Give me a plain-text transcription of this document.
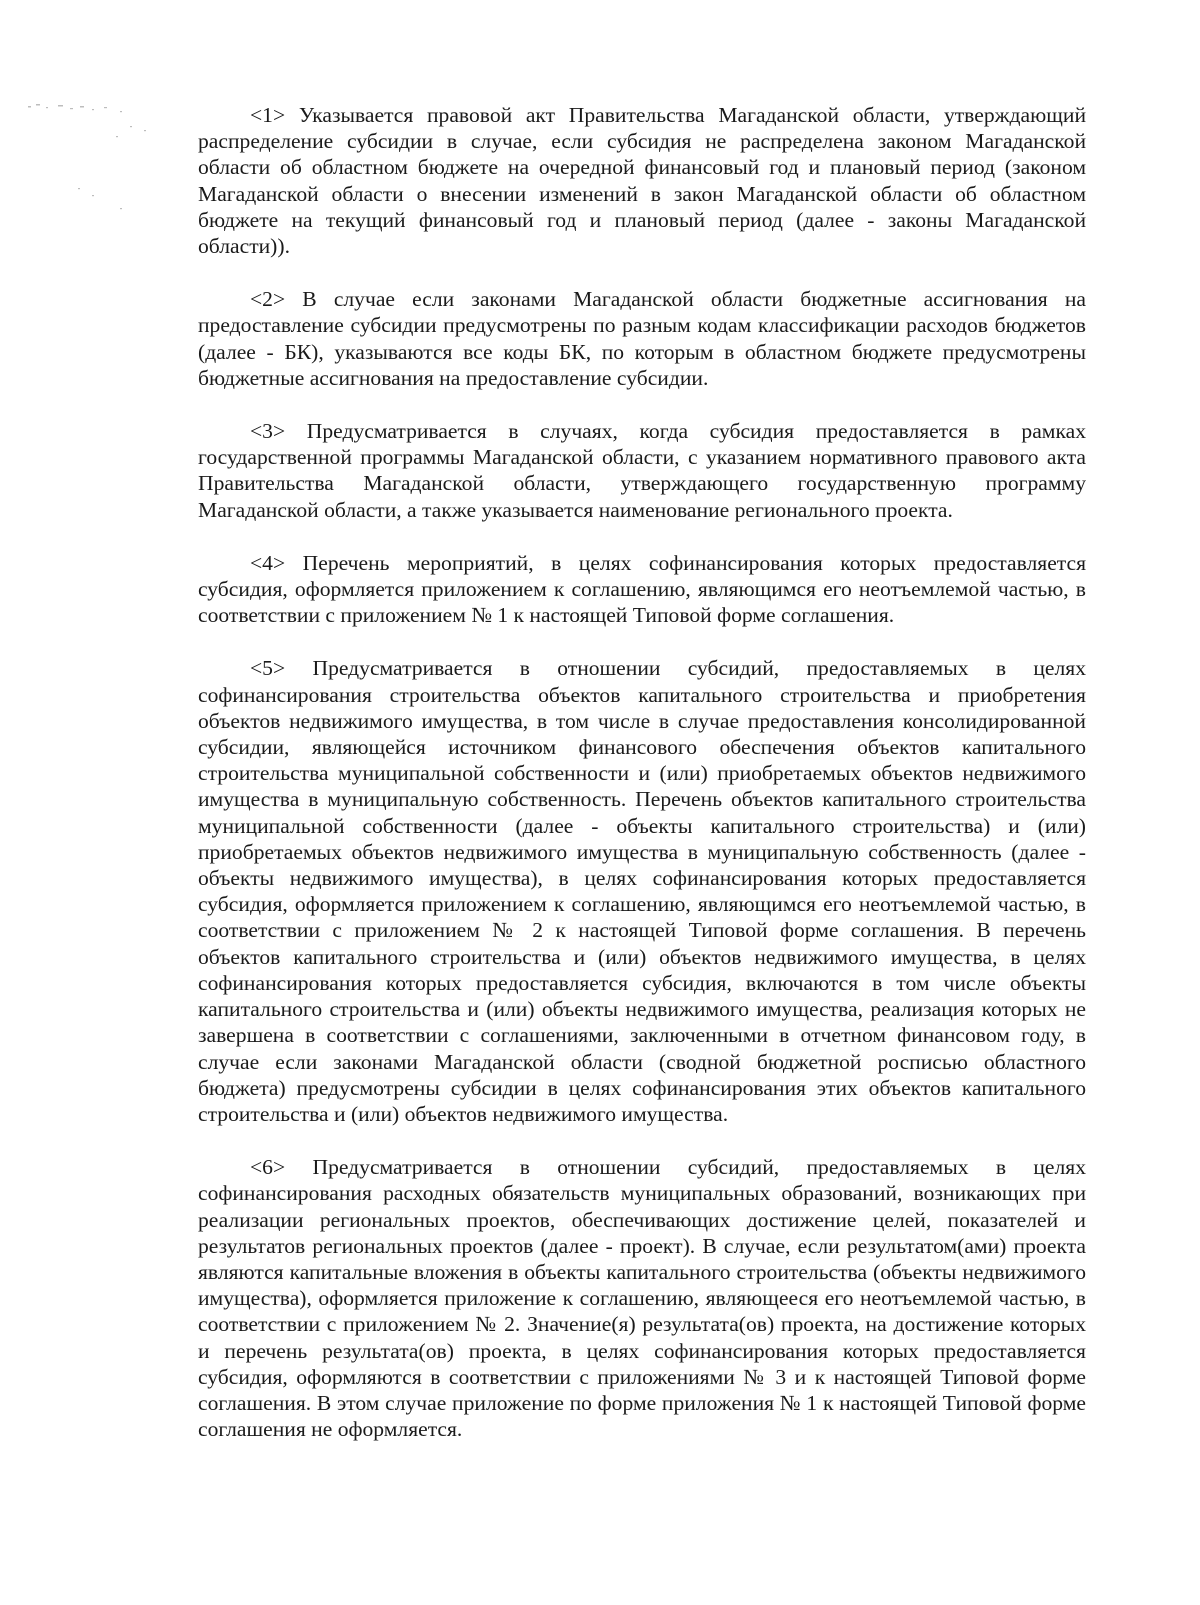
<1> Указывается правовой акт Правительства Магаданской области, утверждающий распределение субсидии в случае, если субсидия не распределена законом Магаданской области об областном бюджете на очередной финансовый год и плановый период (законом Магаданской области о внесении изменений в закон Магаданской области об областном бюджете на текущий финансовый год и плановый период (далее - законы Магаданской области)).

<2> В случае если законами Магаданской области бюджетные ассигнования на предоставление субсидии предусмотрены по разным кодам классификации расходов бюджетов (далее - БК), указываются все коды БК, по которым в областном бюджете предусмотрены бюджетные ассигнования на предоставление субсидии.

<3> Предусматривается в случаях, когда субсидия предоставляется в рамках государственной программы Магаданской области, с указанием нормативного правового акта Правительства Магаданской области, утверждающего государственную программу Магаданской области, а также указывается наименование регионального проекта.

<4> Перечень мероприятий, в целях софинансирования которых предоставляется субсидия, оформляется приложением к соглашению, являющимся его неотъемлемой частью, в соответствии с приложением № 1 к настоящей Типовой форме соглашения.

<5> Предусматривается в отношении субсидий, предоставляемых в целях софинансирования строительства объектов капитального строительства и приобретения объектов недвижимого имущества, в том числе в случае предоставления консолидированной субсидии, являющейся источником финансового обеспечения объектов капитального строительства муниципальной собственности и (или) приобретаемых объектов недвижимого имущества в муниципальную собственность. Перечень объектов капитального строительства муниципальной собственности (далее - объекты капитального строительства) и (или) приобретаемых объектов недвижимого имущества в муниципальную собственность (далее - объекты недвижимого имущества), в целях софинансирования которых предоставляется субсидия, оформляется приложением к соглашению, являющимся его неотъемлемой частью, в соответствии с приложением № 2 к настоящей Типовой форме соглашения. В перечень объектов капитального строительства и (или) объектов недвижимого имущества, в целях софинансирования которых предоставляется субсидия, включаются в том числе объекты капитального строительства и (или) объекты недвижимого имущества, реализация которых не завершена в соответствии с соглашениями, заключенными в отчетном финансовом году, в случае если законами Магаданской области (сводной бюджетной росписью областного бюджета) предусмотрены субсидии в целях софинансирования этих объектов капитального строительства и (или) объектов недвижимого имущества.

<6> Предусматривается в отношении субсидий, предоставляемых в целях софинансирования расходных обязательств муниципальных образований, возникающих при реализации региональных проектов, обеспечивающих достижение целей, показателей и результатов региональных проектов (далее - проект). В случае, если результатом(ами) проекта являются капитальные вложения в объекты капитального строительства (объекты недвижимого имущества), оформляется приложение к соглашению, являющееся его неотъемлемой частью, в соответствии с приложением № 2. Значение(я) результата(ов) проекта, на достижение которых и перечень результата(ов) проекта, в целях софинансирования которых предоставляется субсидия, оформляются в соответствии с приложениями № 3 и к настоящей Типовой форме соглашения. В этом случае приложение по форме приложения № 1 к настоящей Типовой форме соглашения не оформляется.
